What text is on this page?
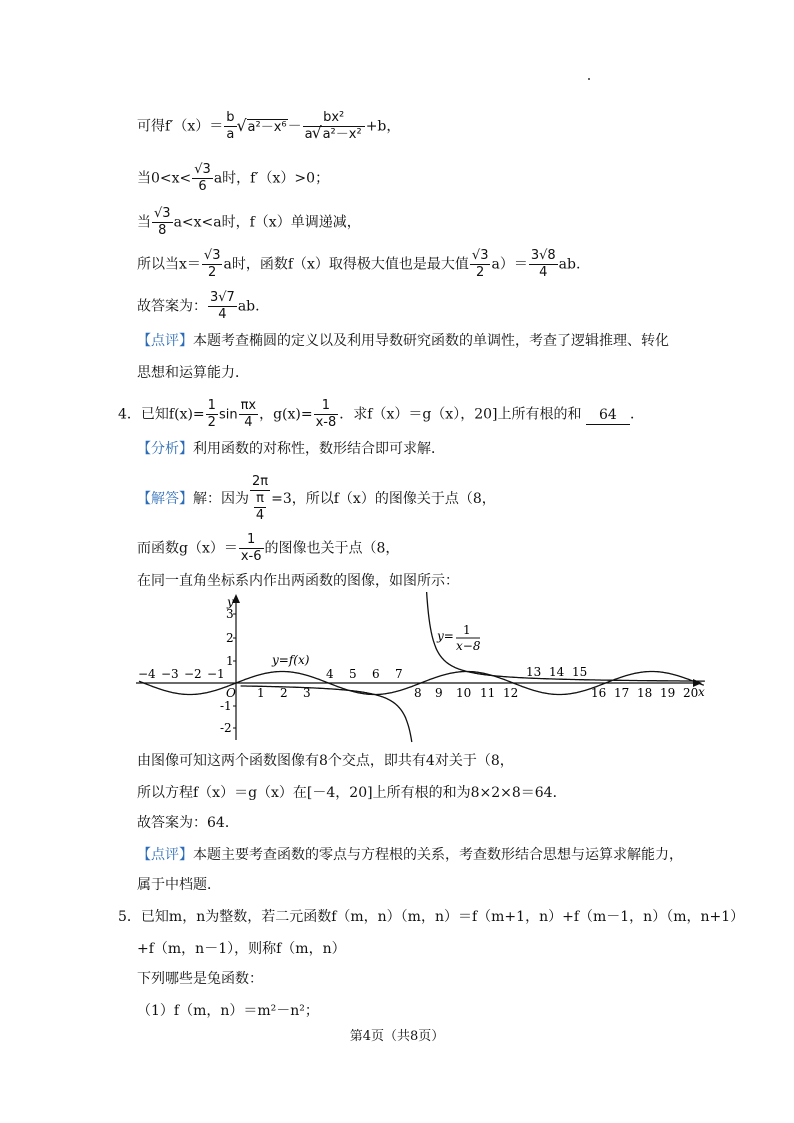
可得$f'(x)= \frac{b}{a}$ √ $a^2-x^6- \frac{\text{bx²}}{\text{a √ a²－x²}} +b$，
当$0<x< \frac{√3}{6}$ a时，f′（x）>0；
当 $\frac{√3}{8} a<x<a$时，f（x）单调递减，
所以当$x= \frac{√3}{2}$ a时，函数f（x）取得极大值也是最大值 $\frac{√3}{2} a)= \frac{3√8}{4}$ ab.
故答案为： $\frac{3√7}{4}$ ab.
【点评】本题考查椭圆的定义以及利用导数研究函数的单调性，考查了逻辑推理、转化
思想和运算能力．
4．已知$f(x)= \frac{1}{2}$ $\sin \frac{\pi x}{4}$ ，$g(x)= \frac{1}{x-8}$ ．求f（x）＝g（x），20]上所有根的和 64 ．
【分析】利用函数的对称性，数形结合即可求解．
【解答】解：因为 $\frac{2\pi}{\frac{\pi}{4}} =3$，所以f（x）的图像关于点（8，
而函数$g(x)= \frac{1}{x-6}$ 的图像也关于点（8，
在同一直角坐标系内作出两函数的图像，如图所示：
y
x
O
3
2
1
-1
-2
−4 −3 −2 −1
1 2 3
4 5 6 7
8 9 10 11 12
13 14 15
16 17 18 19 20
y=f(x)
y= 1
x−8
由图像可知这两个函数图像有8个交点，即共有4对关于（8，
所以方程f（x）＝g（x）在[－4，20]上所有根的和为8×2×8＝64．
故答案为：64．
【点评】本题主要考查函数的零点与方程根的关系，考查数形结合思想与运算求解能力，
属于中档题．
5．已知m，n为整数，若二元函数f（m，n）（m，n）＝f（m+1，n）+f（m－1，n）（m，n+1）
+f（m，n－1），则称f（m，n）
下列哪些是兔函数：
（1）f（m，n）＝m²－n²；
第4页（共8页）
